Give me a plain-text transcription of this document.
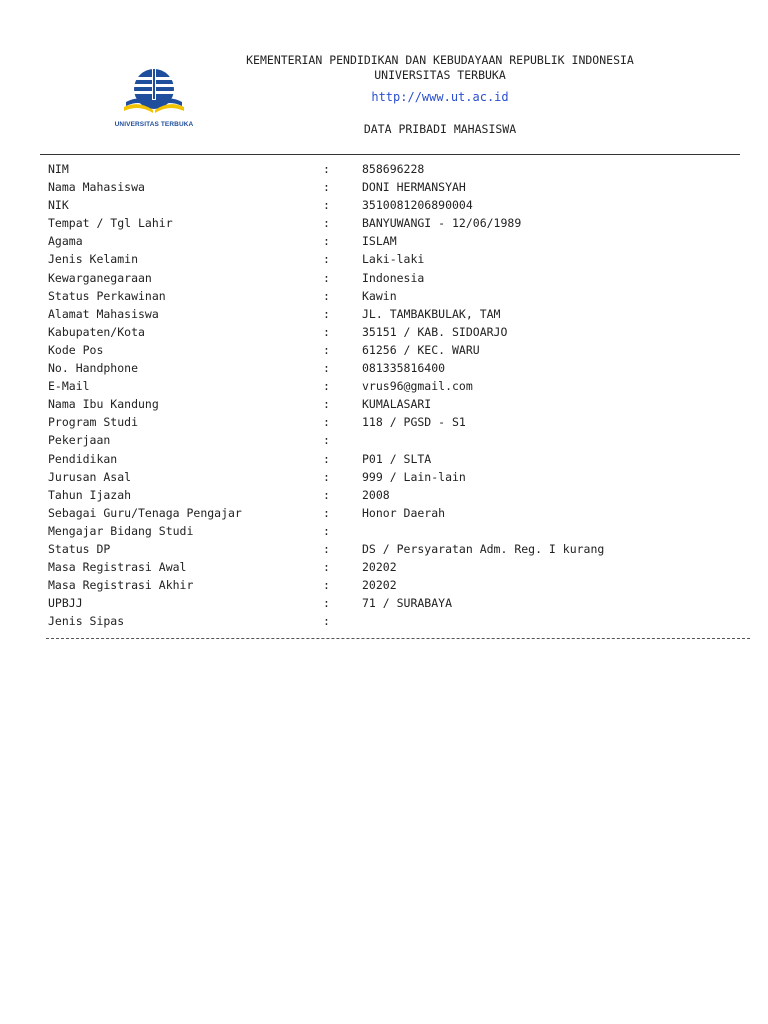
UNIVERSITAS TERBUKA
KEMENTERIAN PENDIDIKAN DAN KEBUDAYAAN REPUBLIK INDONESIA
UNIVERSITAS TERBUKA
http://www.ut.ac.id
DATA PRIBADI MAHASISWA
NIM	:	858696228
Nama Mahasiswa	:	DONI HERMANSYAH
NIK	:	3510081206890004
Tempat / Tgl Lahir	:	BANYUWANGI - 12/06/1989
Agama	:	ISLAM
Jenis Kelamin	:	Laki-laki
Kewarganegaraan	:	Indonesia
Status Perkawinan	:	Kawin
Alamat Mahasiswa	:	JL. TAMBAKBULAK, TAM
Kabupaten/Kota	:	35151 / KAB. SIDOARJO
Kode Pos	:	61256 / KEC. WARU
No. Handphone	:	081335816400
E-Mail	:	vrus96@gmail.com
Nama Ibu Kandung	:	KUMALASARI
Program Studi	:	118 / PGSD - S1
Pekerjaan	:
Pendidikan	:	P01 / SLTA
Jurusan Asal	:	999 / Lain-lain
Tahun Ijazah	:	2008
Sebagai Guru/Tenaga Pengajar	:	Honor Daerah
Mengajar Bidang Studi	:
Status DP	:	DS / Persyaratan Adm. Reg. I kurang
Masa Registrasi Awal	:	20202
Masa Registrasi Akhir	:	20202
UPBJJ	:	71 / SURABAYA
Jenis Sipas	:
